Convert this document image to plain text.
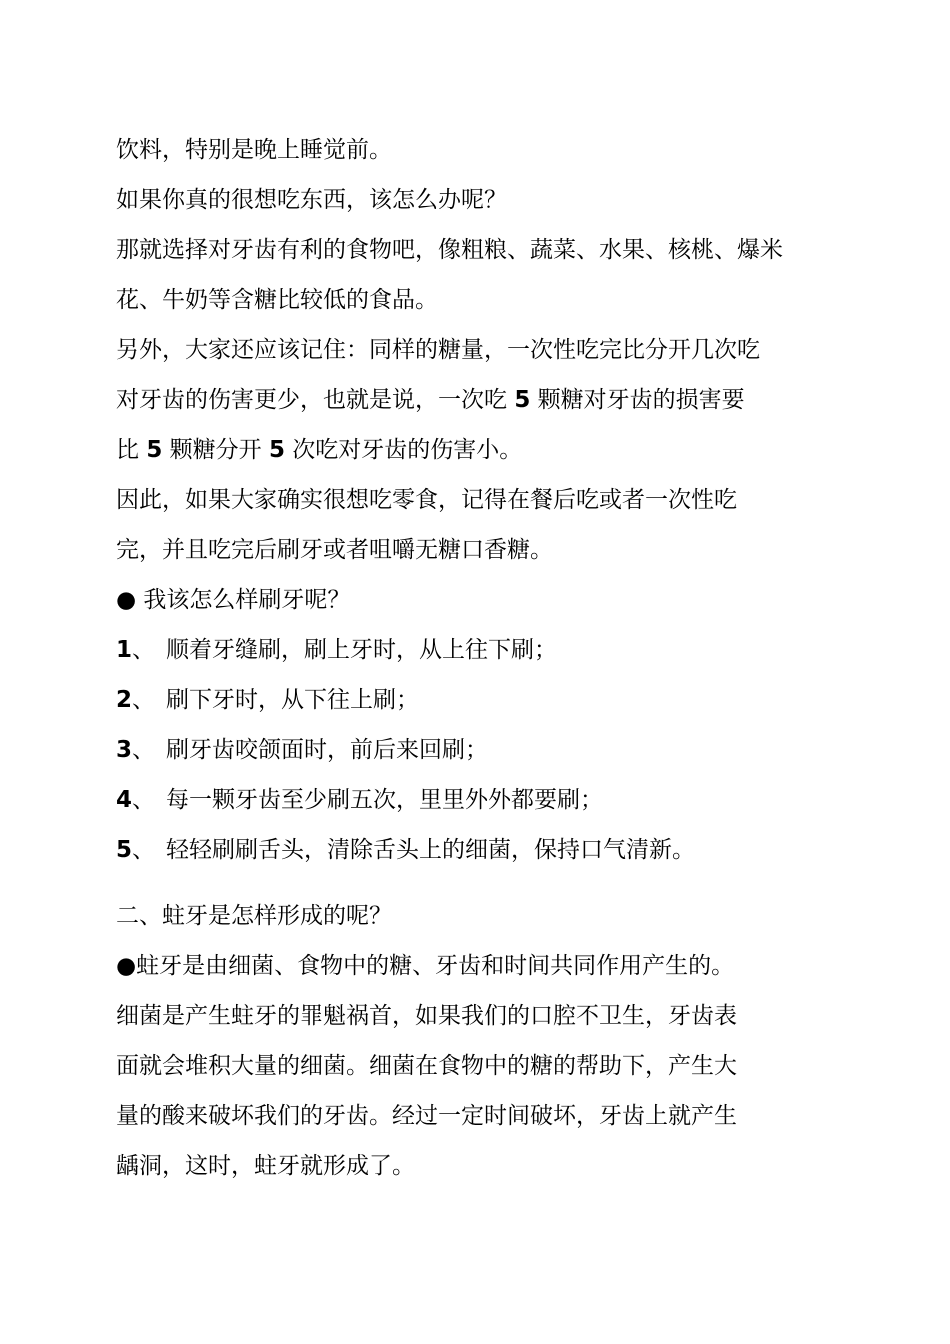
饮料，特别是晚上睡觉前。
如果你真的很想吃东西，该怎么办呢？
那就选择对牙齿有利的食物吧，像粗粮、蔬菜、水果、核桃、爆米
花、牛奶等含糖比较低的食品。
另外，大家还应该记住：同样的糖量，一次性吃完比分开几次吃
对牙齿的伤害更少，也就是说，一次吃 5 颗糖对牙齿的损害要
比 5 颗糖分开 5 次吃对牙齿的伤害小。
因此，如果大家确实很想吃零食，记得在餐后吃或者一次性吃
完，并且吃完后刷牙或者咀嚼无糖口香糖。
● 我该怎么样刷牙呢？
1、 顺着牙缝刷，刷上牙时，从上往下刷；
2、 刷下牙时，从下往上刷；
3、 刷牙齿咬颌面时，前后来回刷；
4、 每一颗牙齿至少刷五次，里里外外都要刷；
5、 轻轻刷刷舌头，清除舌头上的细菌，保持口气清新。
二、蛀牙是怎样形成的呢？
●蛀牙是由细菌、食物中的糖、牙齿和时间共同作用产生的。
细菌是产生蛀牙的罪魁祸首，如果我们的口腔不卫生，牙齿表
面就会堆积大量的细菌。细菌在食物中的糖的帮助下，产生大
量的酸来破坏我们的牙齿。经过一定时间破坏，牙齿上就产生
龋洞，这时，蛀牙就形成了。
